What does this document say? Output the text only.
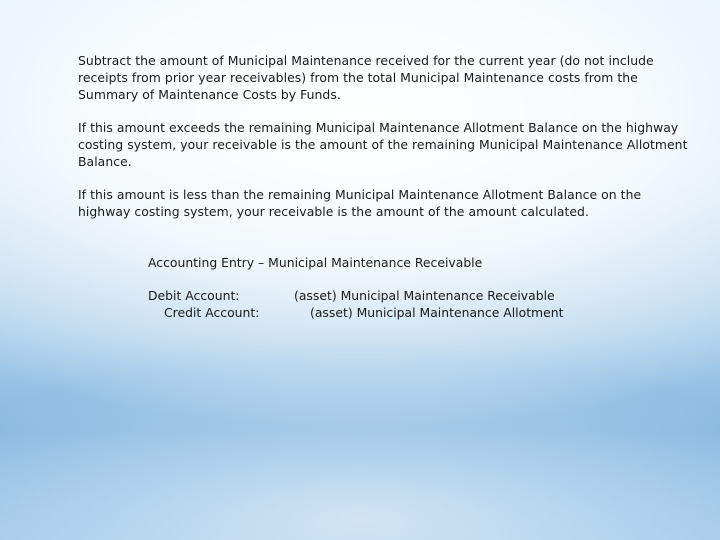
Subtract the amount of Municipal Maintenance received for the current year (do not include receipts from prior year receivables) from the total Municipal Maintenance costs from the Summary of Maintenance Costs by Funds.

If this amount exceeds the remaining Municipal Maintenance Allotment Balance on the highway costing system, your receivable is the amount of the remaining Municipal Maintenance Allotment Balance.

If this amount is less than the remaining Municipal Maintenance Allotment Balance on the highway costing system, your receivable is the amount of the amount calculated.

Accounting Entry – Municipal Maintenance Receivable

Debit Account:	(asset) Municipal Maintenance Receivable

Credit Account:	(asset) Municipal Maintenance Allotment
